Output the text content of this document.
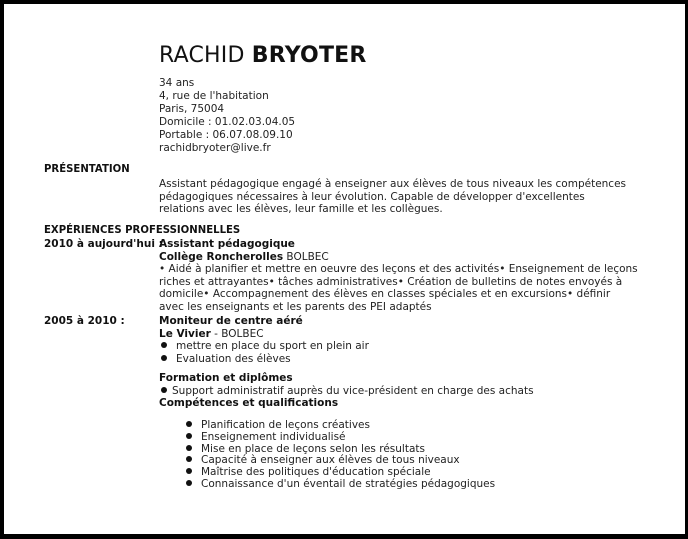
RACHID BRYOTER
34 ans
4, rue de l'habitation
Paris, 75004
Domicile : 01.02.03.04.05
Portable : 06.07.08.09.10
rachidbryoter@live.fr
PRÉSENTATION
Assistant pédagogique engagé à enseigner aux élèves de tous niveaux les compétences
pédagogiques nécessaires à leur évolution. Capable de développer d'excellentes
relations avec les élèves, leur famille et les collègues.
EXPÉRIENCES PROFESSIONNELLES
2010 à aujourd'hui :
Assistant pédagogique
Collège Roncherolles BOLBEC
• Aidé à planifier et mettre en oeuvre des leçons et des activités• Enseignement de leçons
riches et attrayantes• tâches administratives• Création de bulletins de notes envoyés à
domicile• Accompagnement des élèves en classes spéciales et en excursions• définir
avec les enseignants et les parents des PEI adaptés
2005 à 2010 :	Moniteur de centre aéré
Le Vivier - BOLBEC
mettre en place du sport en plein air
Evaluation des élèves
Formation et diplômes
Support administratif auprès du vice-président en charge des achats
Compétences et qualifications
Planification de leçons créatives
Enseignement individualisé
Mise en place de leçons selon les résultats
Capacité à enseigner aux élèves de tous niveaux
Maîtrise des politiques d'éducation spéciale
Connaissance d'un éventail de stratégies pédagogiques
